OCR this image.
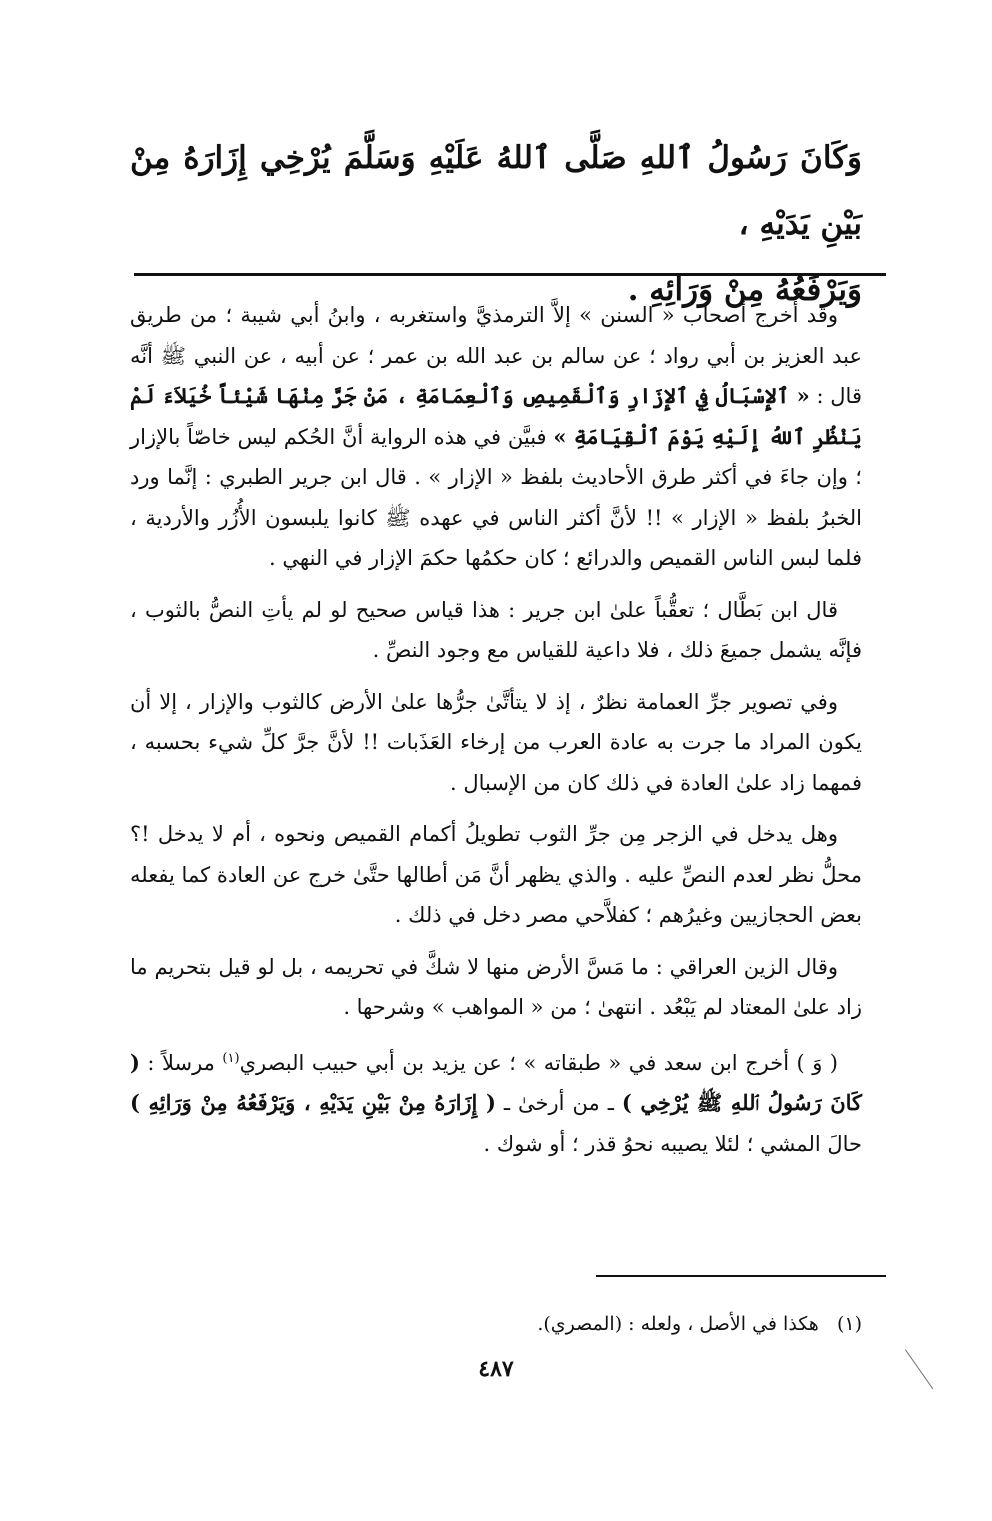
وَكَانَ رَسُولُ ٱللهِ صَلَّى ٱللهُ عَلَيْهِ وَسَلَّمَ يُرْخِي إِزَارَهُ مِنْ بَيْنِ يَدَيْهِ ،

وَيَرْفَعُهُ مِنْ وَرَائِهِ .

وقد أخرج أصحاب « السنن » إلاَّ الترمذيَّ واستغربه ، وابنُ أبي شيبة ؛ من طريق عبد العزيز بن أبي رواد ؛ عن سالم بن عبد الله بن عمر ؛ عن أبيه ، عن النبي ﷺ أنَّه قال : « ٱلإِسْبَالُ فِي ٱلإِزَارِ وَٱلْقَمِيصِ وَٱلْعِمَامَةِ ، مَنْ جَرَّ مِنْهَا شَيْئاً خُيَلاَءَ لَمْ يَنْظُرِ ٱللهُ إِلَيْهِ يَوْمَ ٱلْقِيَامَةِ » فبيَّن في هذه الرواية أنَّ الحُكم ليس خاصّاً بالإزار ؛ وإن جاءَ في أكثر طرق الأحاديث بلفظ « الإزار » . قال ابن جرير الطبري : إنَّما ورد الخبرُ بلفظ « الإزار » !! لأنَّ أكثر الناس في عهده ﷺ كانوا يلبسون الأُزُر والأردية ، فلما لبس الناس القميص والدرائع ؛ كان حكمُها حكمَ الإزار في النهي .

قال ابن بَطَّال ؛ تعقُّباً علىٰ ابن جرير : هذا قياس صحيح لو لم يأتِ النصُّ بالثوب ، فإنَّه يشمل جميعَ ذلك ، فلا داعية للقياس مع وجود النصِّ .

وفي تصوير جرِّ العمامة نظرٌ ، إذ لا يتأتَّىٰ جرُّها علىٰ الأرض كالثوب والإزار ، إلا أن يكون المراد ما جرت به عادة العرب من إرخاء العَذَبات !! لأنَّ جرَّ كلِّ شيء بحسبه ، فمهما زاد علىٰ العادة في ذلك كان من الإسبال .

وهل يدخل في الزجر مِن جرِّ الثوب تطويلُ أكمام القميص ونحوه ، أم لا يدخل !؟ محلُّ نظر لعدم النصِّ عليه . والذي يظهر أنَّ مَن أطالها حتَّىٰ خرج عن العادة كما يفعله بعض الحجازيين وغيرُهم ؛ كفلاَّحي مصر دخل في ذلك .

وقال الزين العراقي : ما مَسَّ الأرض منها لا شكَّ في تحريمه ، بل لو قيل بتحريم ما زاد علىٰ المعتاد لم يَبْعُد . انتهىٰ ؛ من « المواهب » وشرحها .

( وَ ) أخرج ابن سعد في « طبقاته » ؛ عن يزيد بن أبي حبيب البصري$^{(١)}$ مرسلاً : ( كَانَ رَسُولُ ٱللهِ ﷺ يُرْخِي ) ـ من أرخىٰ ـ ( إِزَارَهُ مِنْ بَيْنِ يَدَيْهِ ، وَيَرْفَعُهُ مِنْ وَرَائِهِ ) حالَ المشي ؛ لئلا يصيبه نحوُ قذر ؛ أو شوك .

(١)   هكذا في الأصل ، ولعله : (المصري).
٤٨٧
